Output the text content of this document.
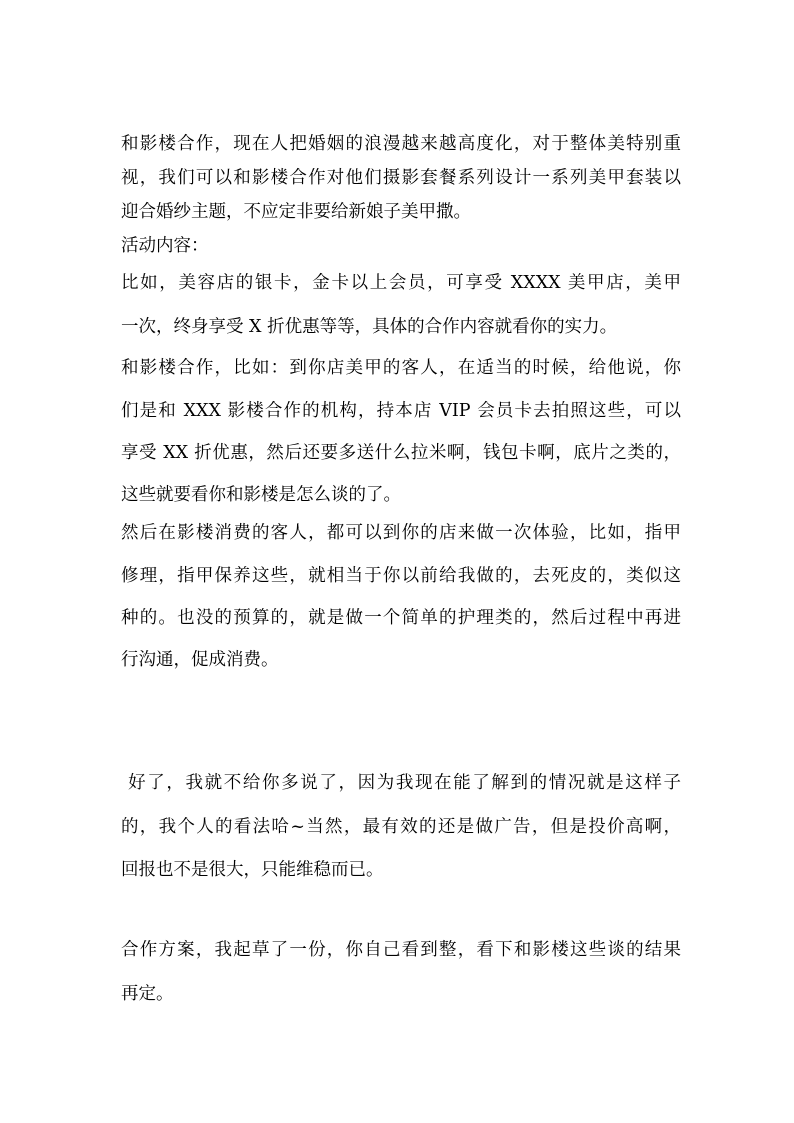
和影楼合作，现在人把婚姻的浪漫越来越高度化，对于整体美特别重
视，我们可以和影楼合作对他们摄影套餐系列设计一系列美甲套装以
迎合婚纱主题，不应定非要给新娘子美甲撒。
活动内容：
比如，美容店的银卡，金卡以上会员，可享受 XXXX 美甲店，美甲
一次，终身享受 X 折优惠等等，具体的合作内容就看你的实力。
和影楼合作，比如：到你店美甲的客人，在适当的时候，给他说，你
们是和 XXX 影楼合作的机构，持本店 VIP 会员卡去拍照这些，可以
享受 XX 折优惠，然后还要多送什么拉米啊，钱包卡啊，底片之类的，
这些就要看你和影楼是怎么谈的了。
然后在影楼消费的客人，都可以到你的店来做一次体验，比如，指甲
修理，指甲保养这些，就相当于你以前给我做的，去死皮的，类似这
种的。也没的预算的，就是做一个简单的护理类的，然后过程中再进
行沟通，促成消费。
好了，我就不给你多说了，因为我现在能了解到的情况就是这样子
的，我个人的看法哈~当然，最有效的还是做广告，但是投价高啊，
回报也不是很大，只能维稳而已。
合作方案，我起草了一份，你自己看到整，看下和影楼这些谈的结果
再定。
